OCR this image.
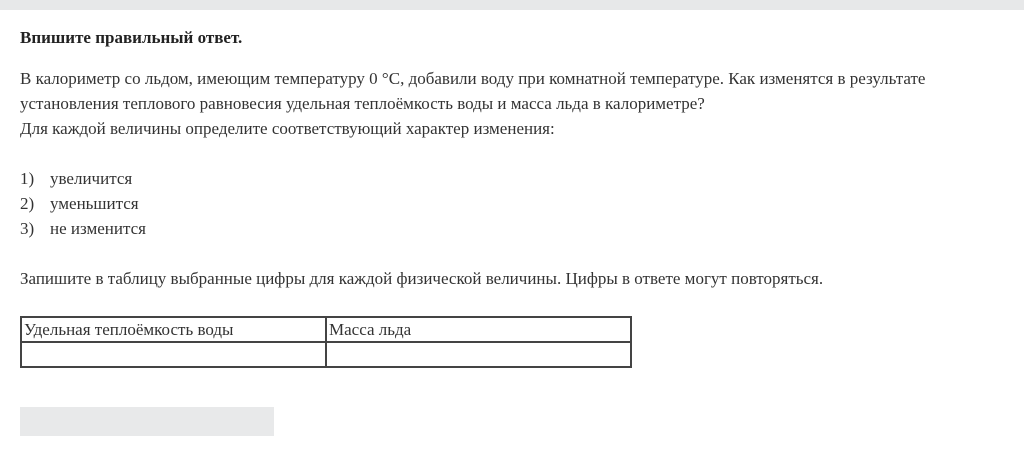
Впишите правильный ответ.

В калориметр со льдом, имеющим температуру 0 °C, добавили воду при комнатной температуре. Как изменятся в результате

установления теплового равновесия удельная теплоёмкость воды и масса льда в калориметре?

Для каждой величины определите соответствующий характер изменения:

1) увеличится
2) уменьшится
3) не изменится
Запишите в таблицу выбранные цифры для каждой физической величины. Цифры в ответе могут повторяться.
Удельная теплоёмкость воды	Масса льда
